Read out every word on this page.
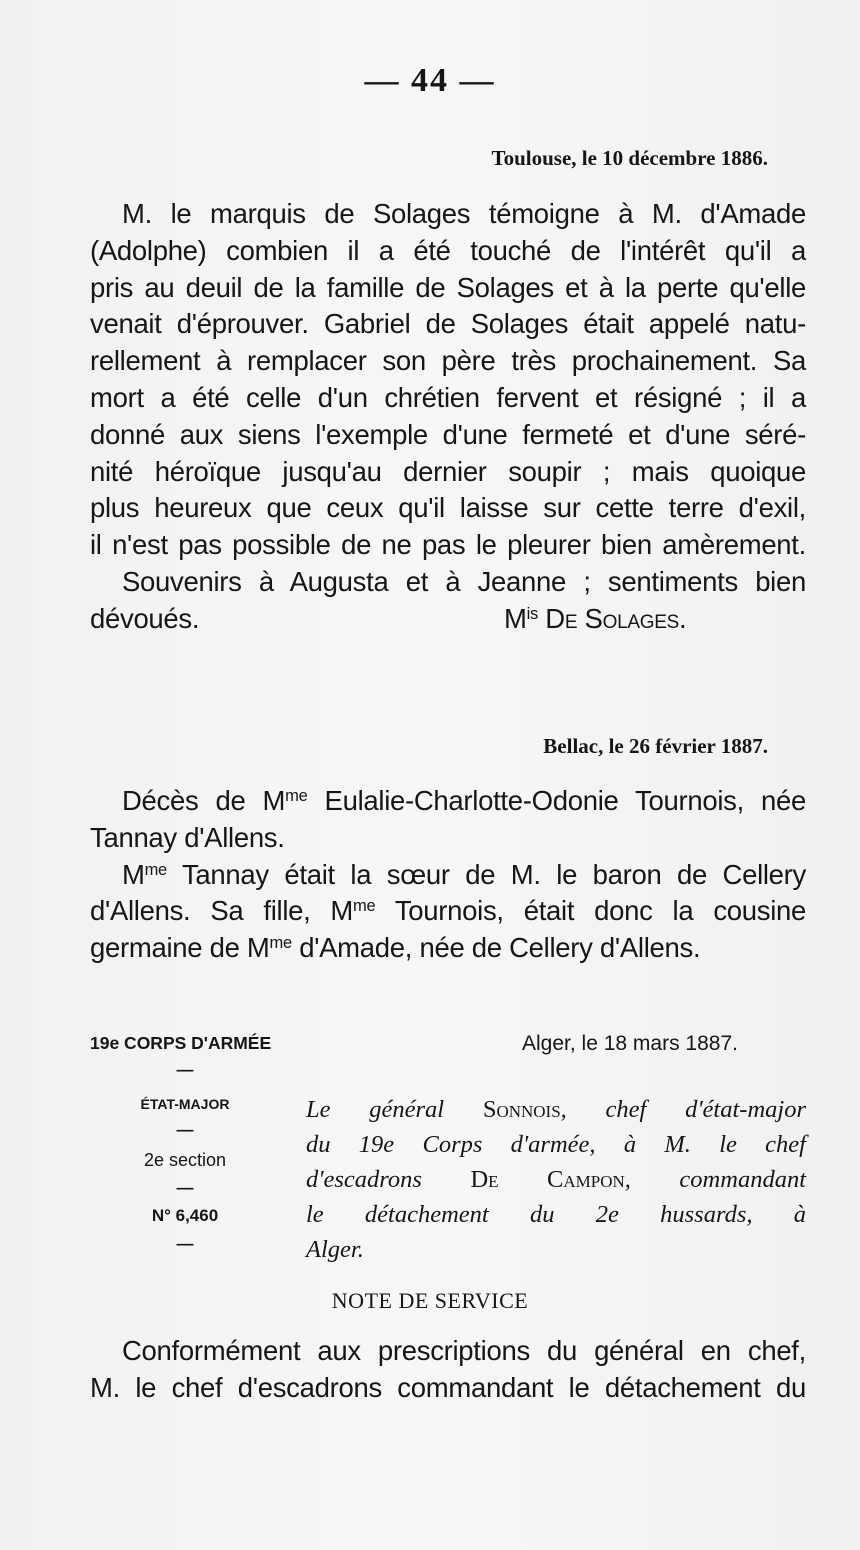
— 44 —
Toulouse, le 10 décembre 1886.
M. le marquis de Solages témoigne à M. d'Amade
(Adolphe) combien il a été touché de l'intérêt qu'il a
pris au deuil de la famille de Solages et à la perte qu'elle
venait d'éprouver. Gabriel de Solages était appelé natu-
rellement à remplacer son père très prochainement. Sa
mort a été celle d'un chrétien fervent et résigné ; il a
donné aux siens l'exemple d'une fermeté et d'une séré-
nité héroïque jusqu'au dernier soupir ; mais quoique
plus heureux que ceux qu'il laisse sur cette terre d'exil,
il n'est pas possible de ne pas le pleurer bien amèrement.
Souvenirs à Augusta et à Jeanne ; sentiments bien
dévoués.	$M^{is}$ De Solages.
Bellac, le 26 février 1887.
Décès de $M^{me}$ Eulalie-Charlotte-Odonie Tournois, née
Tannay d'Allens.
$M^{me}$ Tannay était la sœur de M. le baron de Cellery
d'Allens. Sa fille, $M^{me}$ Tournois, était donc la cousine
germaine de $M^{me}$ d'Amade, née de Cellery d'Allens.
19e CORPS D'ARMÉE	Alger, le 18 mars 1887.
—
ÉTAT-MAJOR
—
2e section
—
N° 6,460
—
Le général Sonnois, chef d'état-major
du 19e Corps d'armée, à M. le chef
d'escadrons De Campon, commandant
le détachement du 2e hussards, à
Alger.
NOTE DE SERVICE
Conformément aux prescriptions du général en chef,
M. le chef d'escadrons commandant le détachement du
